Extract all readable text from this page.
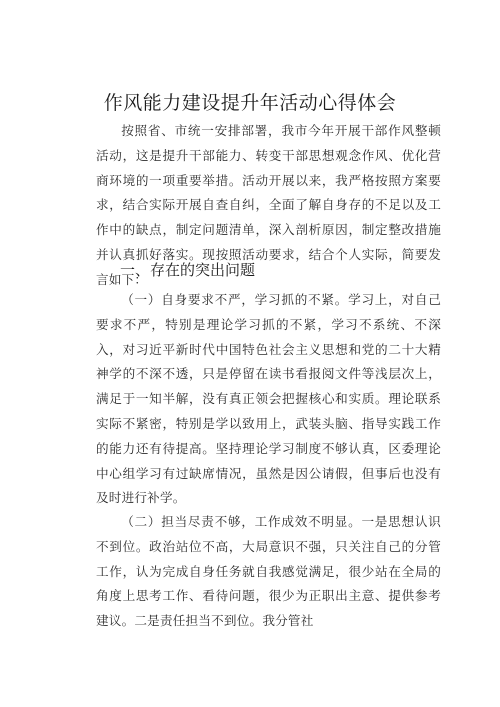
作风能力建设提升年活动心得体会

按照省、市统一安排部署，我市今年开展干部作风整顿活动，这是提升干部能力、转变干部思想观念作风、优化营商环境的一项重要举措。活动开展以来，我严格按照方案要求，结合实际开展自查自纠，全面了解自身存的不足以及工作中的缺点，制定问题清单，深入剖析原因，制定整改措施并认真抓好落实。现按照活动要求，结合个人实际，简要发言如下：

一、存在的突出问题

（一）自身要求不严，学习抓的不紧。学习上，对自己要求不严，特别是理论学习抓的不紧，学习不系统、不深入，对习近平新时代中国特色社会主义思想和党的二十大精神学的不深不透，只是停留在读书看报阅文件等浅层次上，满足于一知半解，没有真正领会把握核心和实质。理论联系实际不紧密，特别是学以致用上，武装头脑、指导实践工作的能力还有待提高。坚持理论学习制度不够认真，区委理论中心组学习有过缺席情况，虽然是因公请假，但事后也没有及时进行补学。

（二）担当尽责不够，工作成效不明显。一是思想认识不到位。政治站位不高，大局意识不强，只关注自己的分管工作，认为完成自身任务就自我感觉满足，很少站在全局的角度上思考工作、看待问题，很少为正职出主意、提供参考建议。二是责任担当不到位。我分管社
